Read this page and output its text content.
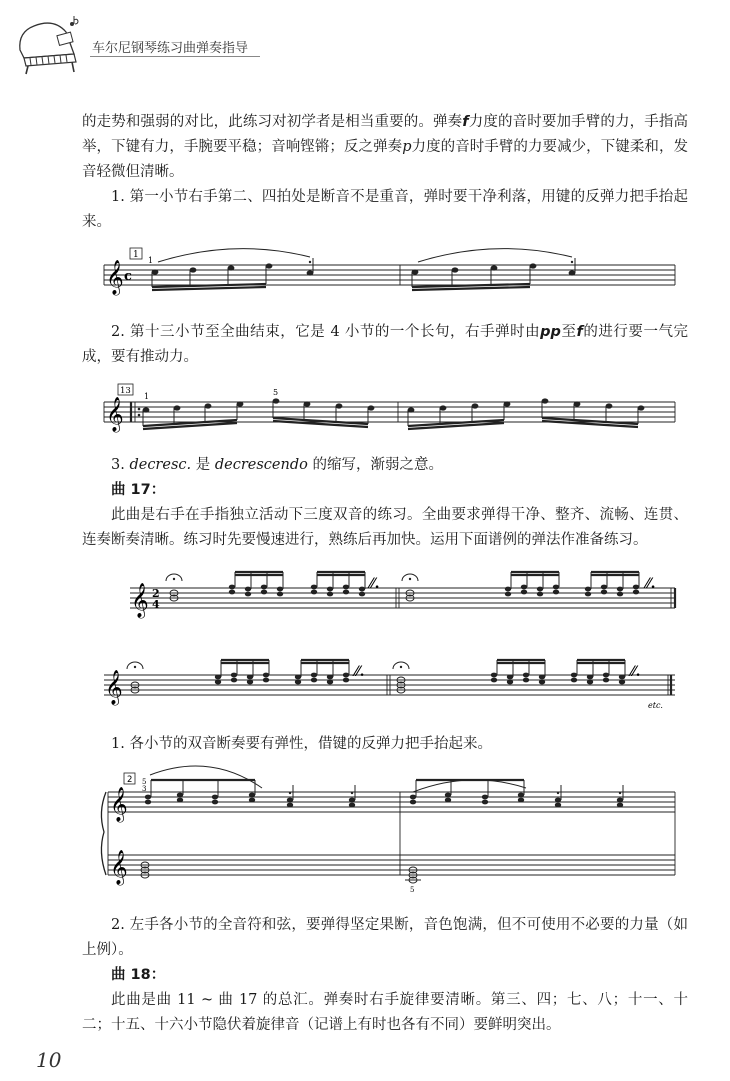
车尔尼钢琴练习曲弹奏指导
的走势和强弱的对比，此练习对初学者是相当重要的。弹奏f力度的音时要加手臂的力，手指高举，下键有力，手腕要平稳；音响铿锵；反之弹奏p力度的音时手臂的力要减少，下键柔和，发音轻微但清晰。
1. 第一小节右手第二、四拍处是断音不是重音，弹时要干净利落，用键的反弹力把手抬起来。
𝄞 c
1
1
𝄞
13
1	5
𝄞 2
4
⁄⁄.	⁄⁄.
𝄞	⁄⁄.	⁄⁄.
etc.
𝄞
𝄞
2 5
3
5
2. 第十三小节至全曲结束，它是 4 小节的一个长句，右手弹时由pp至f的进行要一气完成，要有推动力。
3. decresc. 是 decrescendo 的缩写，渐弱之意。
曲 17：
此曲是右手在手指独立活动下三度双音的练习。全曲要求弹得干净、整齐、流畅、连贯、连奏断奏清晰。练习时先要慢速进行，熟练后再加快。运用下面谱例的弹法作准备练习。
1. 各小节的双音断奏要有弹性，借键的反弹力把手抬起来。
2. 左手各小节的全音符和弦，要弹得坚定果断，音色饱满，但不可使用不必要的力量（如上例）。
曲 18：
此曲是曲 11 ~ 曲 17 的总汇。弹奏时右手旋律要清晰。第三、四；七、八；十一、十二；十五、十六小节隐伏着旋律音（记谱上有时也各有不同）要鲜明突出。
10
